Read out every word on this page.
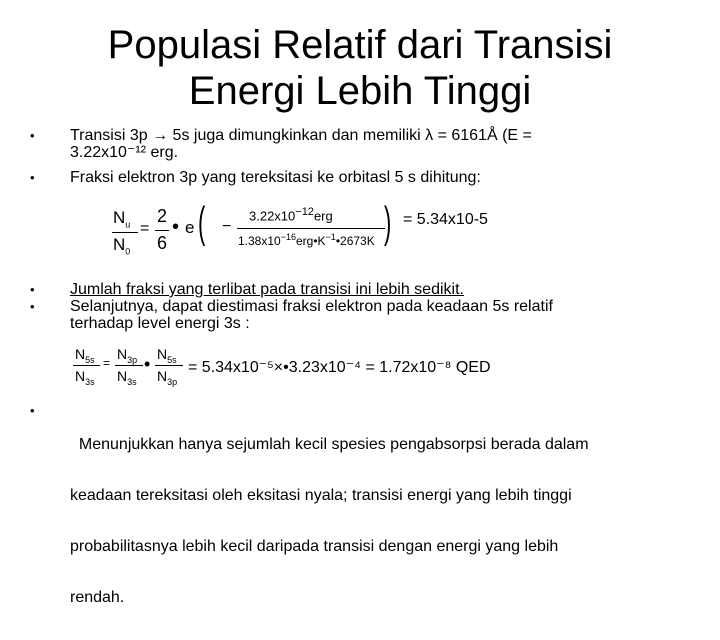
Populasi Relatif dari Transisi
Energi Lebih Tinggi
• Transisi 3p → 5s juga dimungkinkan dan memiliki λ = 6161Å (E =
3.22x10⁻¹² erg.
• Fraksi elektron 3p yang tereksitasi ke orbitasl 5 s dihitung:
$N_u$
$N_0$
=
2
6
• e ( −
$3.22x10^{-12}erg$
$1.38x10^{-16}erg•K^{-1}•2673K$ ) = 5.34x10-5
• Jumlah fraksi yang terlibat pada transisi ini lebih sedikit.
• Selanjutnya, dapat diestimasi fraksi elektron pada keadaan 5s relatif
terhadap level energi 3s :
$N_{5s}$
$N_{3s}$
=
$N_{3p}$
$N_{3s}$
• $N_{5s}$
$N_{3p}$
= 5.34x10⁻⁵×•3.23x10⁻⁴ = 1.72x10⁻⁸ QED
•

Menunjukkan hanya sejumlah kecil spesies pengabsorpsi berada dalam

keadaan tereksitasi oleh eksitasi nyala; transisi energi yang lebih tinggi

probabilitasnya lebih kecil daripada transisi dengan energi yang lebih

rendah.
